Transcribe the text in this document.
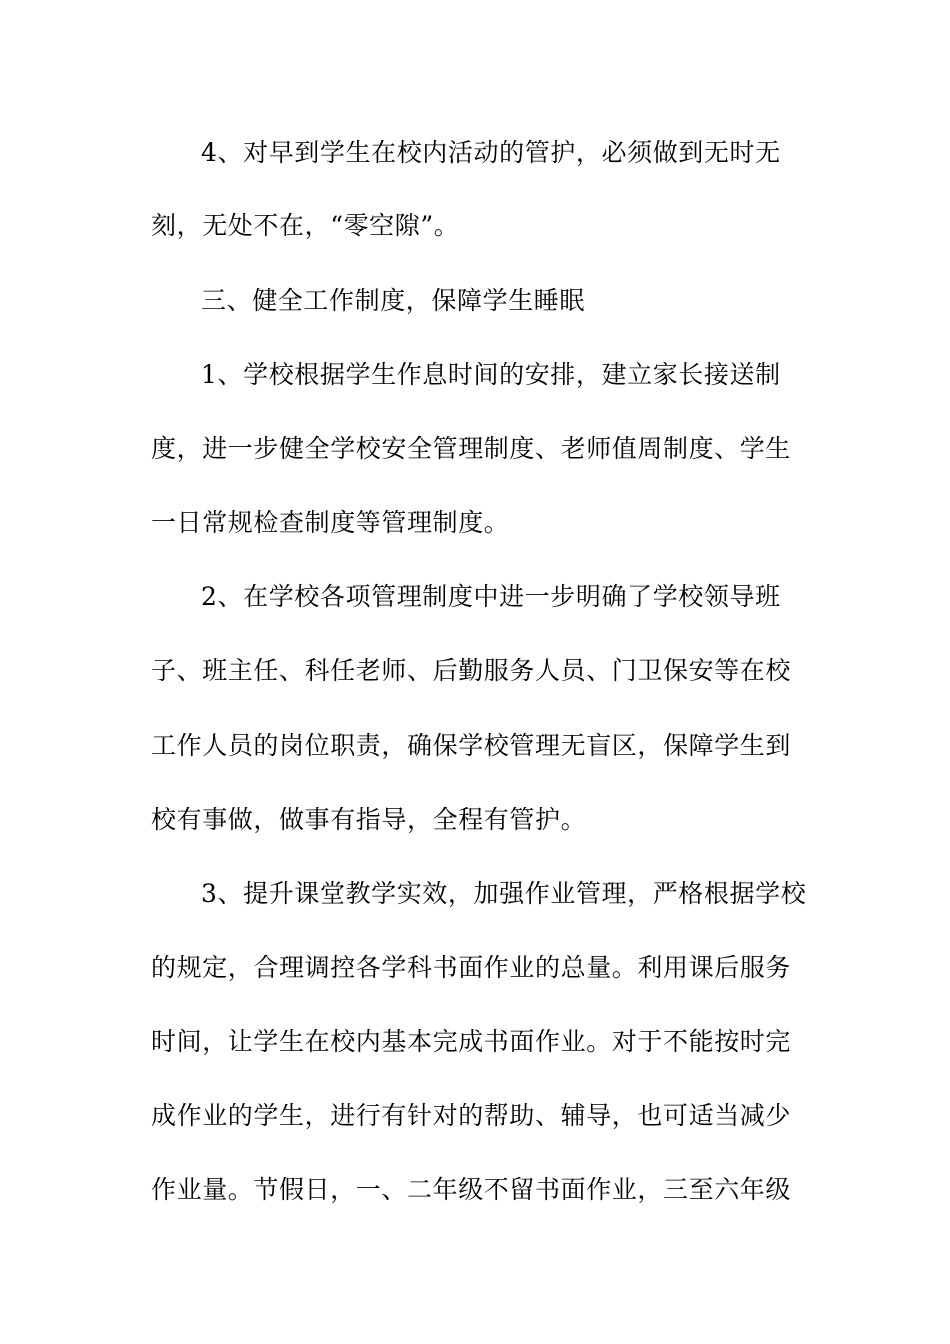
4、对早到学生在校内活动的管护，必须做到无时无
刻，无处不在，“零空隙”。
三、健全工作制度，保障学生睡眠
1、学校根据学生作息时间的安排，建立家长接送制
度，进一步健全学校安全管理制度、老师值周制度、学生
一日常规检查制度等管理制度。
2、在学校各项管理制度中进一步明确了学校领导班
子、班主任、科任老师、后勤服务人员、门卫保安等在校
工作人员的岗位职责，确保学校管理无盲区，保障学生到
校有事做，做事有指导，全程有管护。
3、提升课堂教学实效，加强作业管理，严格根据学校
的规定，合理调控各学科书面作业的总量。利用课后服务
时间，让学生在校内基本完成书面作业。对于不能按时完
成作业的学生，进行有针对的帮助、辅导，也可适当减少
作业量。节假日，一、二年级不留书面作业，三至六年级
